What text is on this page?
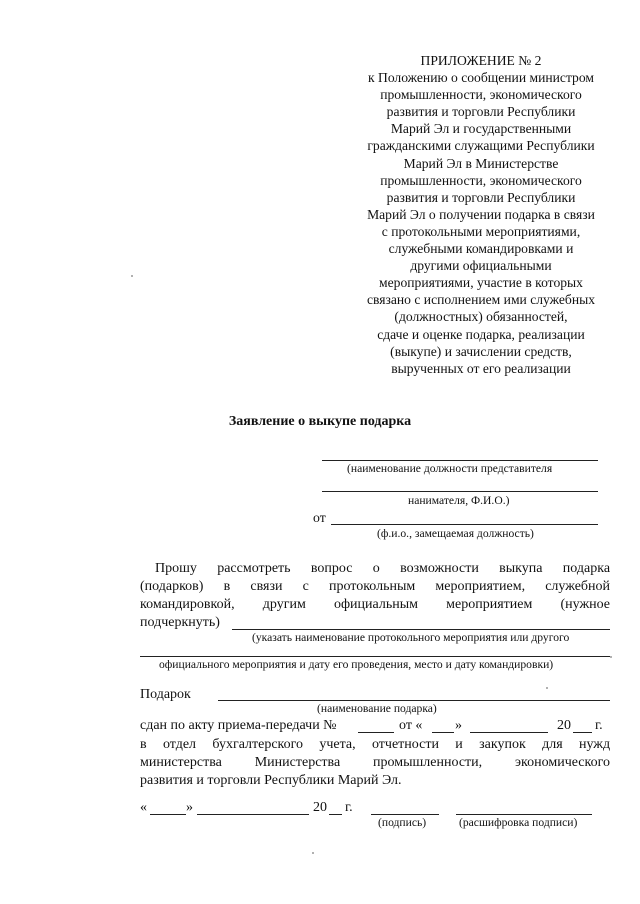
ПРИЛОЖЕНИЕ № 2
к Положению о сообщении министром
промышленности, экономического
развития и торговли Республики
Марий Эл и государственными
гражданскими служащими Республики
Марий Эл в Министерстве
промышленности, экономического
развития и торговли Республики
Марий Эл о получении подарка в связи
с протокольными мероприятиями,
служебными командировками и
другими официальными
мероприятиями, участие в которых
связано с исполнением ими служебных
(должностных) обязанностей,
сдаче и оценке подарка, реализации
(выкупе) и зачислении средств,
вырученных от его реализации
Заявление о выкупе подарка
(наименование должности представителя
нанимателя, Ф.И.О.)
от
(ф.и.о., замещаемая должность)
Прошу рассмотреть вопрос о возможности выкупа подарка
(подарков) в связи с протокольным мероприятием, служебной
командировкой, другим официальным мероприятием (нужное
подчеркнуть)
(указать наименование протокольного мероприятия или другого
официального мероприятия и дату его проведения, место и дату командировки)
Подарок
(наименование подарка)
сдан по акту приема-передачи №	от « »	20 г.
в отдел бухгалтерского учета, отчетности и закупок для нужд
министерства Министерства промышленности, экономического
развития и торговли Республики Марий Эл.
«	»	20 г.
(подпись)	(расшифровка подписи)
